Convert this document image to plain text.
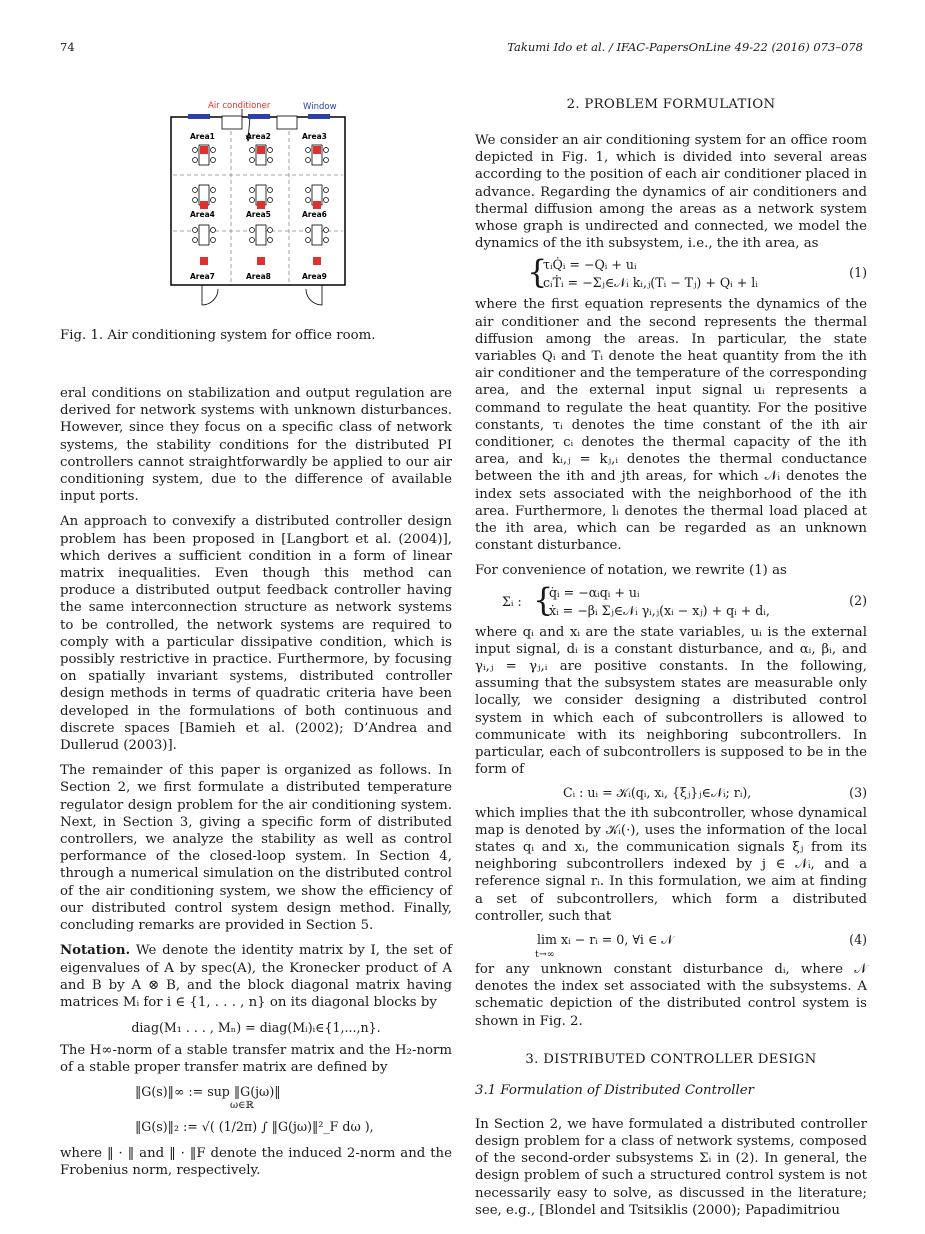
74	Takumi Ido et al. / IFAC-PapersOnLine 49-22 (2016) 073–078
Air conditioner	Window
Area1	Area2	Area3
Area4	Area5	Area6
Area7	Area8	Area9

Fig. 1. Air conditioning system for office room.

eral conditions on stabilization and output regulation are derived for network systems with unknown disturbances. However, since they focus on a specific class of network systems, the stability conditions for the distributed PI controllers cannot straightforwardly be applied to our air conditioning system, due to the difference of available input ports.

An approach to convexify a distributed controller design problem has been proposed in [Langbort et al. (2004)], which derives a sufficient condition in a form of linear matrix inequalities. Even though this method can produce a distributed output feedback controller having the same interconnection structure as network systems to be controlled, the network systems are required to comply with a particular dissipative condition, which is possibly restrictive in practice. Furthermore, by focusing on spatially invariant systems, distributed controller design methods in terms of quadratic criteria have been developed in the formulations of both continuous and discrete spaces [Bamieh et al. (2002); D’Andrea and Dullerud (2003)].

The remainder of this paper is organized as follows. In Section 2, we first formulate a distributed temperature regulator design problem for the air conditioning system. Next, in Section 3, giving a specific form of distributed controllers, we analyze the stability as well as control performance of the closed-loop system. In Section 4, through a numerical simulation on the distributed control of the air conditioning system, we show the efficiency of our distributed control system design method. Finally, concluding remarks are provided in Section 5.

Notation. We denote the identity matrix by I, the set of eigenvalues of A by spec(A), the Kronecker product of A and B by A ⊗ B, and the block diagonal matrix having matrices Mᵢ for i ∈ {1, . . . , n} on its diagonal blocks by

diag(M₁ . . . , Mₙ) = diag(Mᵢ)ᵢ∈{1,...,n}.

The H∞-norm of a stable transfer matrix and the H₂-norm of a stable proper transfer matrix are defined by

‖G(s)‖∞ := sup ‖G(jω)‖
ω∈ℝ
‖G(s)‖₂ := √( (1/2π) ∫ ‖G(jω)‖²_F dω ),

where ‖ · ‖ and ‖ · ‖F denote the induced 2-norm and the Frobenius norm, respectively.

2. PROBLEM FORMULATION

We consider an air conditioning system for an office room depicted in Fig. 1, which is divided into several areas according to the position of each air conditioner placed in advance. Regarding the dynamics of air conditioners and thermal diffusion among the areas as a network system whose graph is undirected and connected, we model the dynamics of the ith subsystem, i.e., the ith area, as

{
τᵢQ̇ᵢ = −Qᵢ + uᵢ
cᵢṪᵢ = −Σⱼ∈𝒩ᵢ kᵢ,ⱼ(Tᵢ − Tⱼ) + Qᵢ + lᵢ
(1)

where the first equation represents the dynamics of the air conditioner and the second represents the thermal diffusion among the areas. In particular, the state variables Qᵢ and Tᵢ denote the heat quantity from the ith air conditioner and the temperature of the corresponding area, and the external input signal uᵢ represents a command to regulate the heat quantity. For the positive constants, τᵢ denotes the time constant of the ith air conditioner, cᵢ denotes the thermal capacity of the ith area, and kᵢ,ⱼ = kⱼ,ᵢ denotes the thermal conductance between the ith and jth areas, for which 𝒩ᵢ denotes the index sets associated with the neighborhood of the ith area. Furthermore, lᵢ denotes the thermal load placed at the ith area, which can be regarded as an unknown constant disturbance.

For convenience of notation, we rewrite (1) as

Σᵢ : {
q̇ᵢ = −αᵢqᵢ + uᵢ
ẋᵢ = −βᵢ Σⱼ∈𝒩ᵢ γᵢ,ⱼ(xᵢ − xⱼ) + qᵢ + dᵢ,
(2)

where qᵢ and xᵢ are the state variables, uᵢ is the external input signal, dᵢ is a constant disturbance, and αᵢ, βᵢ, and γᵢ,ⱼ = γⱼ,ᵢ are positive constants. In the following, assuming that the subsystem states are measurable only locally, we consider designing a distributed control system in which each of subcontrollers is allowed to communicate with its neighboring subcontrollers. In particular, each of subcontrollers is supposed to be in the form of

Cᵢ : uᵢ = 𝒦ᵢ(qᵢ, xᵢ, {ξⱼ}ⱼ∈𝒩ᵢ; rᵢ),	(3)

which implies that the ith subcontroller, whose dynamical map is denoted by 𝒦ᵢ(·), uses the information of the local states qᵢ and xᵢ, the communication signals ξⱼ from its neighboring subcontrollers indexed by j ∈ 𝒩ᵢ, and a reference signal rᵢ. In this formulation, we aim at finding a set of subcontrollers, which form a distributed controller, such that

lim xᵢ − rᵢ = 0, ∀i ∈ 𝒩
t→∞
(4)

for any unknown constant disturbance dᵢ, where 𝒩 denotes the index set associated with the subsystems. A schematic depiction of the distributed control system is shown in Fig. 2.

3. DISTRIBUTED CONTROLLER DESIGN
3.1 Formulation of Distributed Controller

In Section 2, we have formulated a distributed controller design problem for a class of network systems, composed of the second-order subsystems Σᵢ in (2). In general, the design problem of such a structured control system is not necessarily easy to solve, as discussed in the literature; see, e.g., [Blondel and Tsitsiklis (2000); Papadimitriou
